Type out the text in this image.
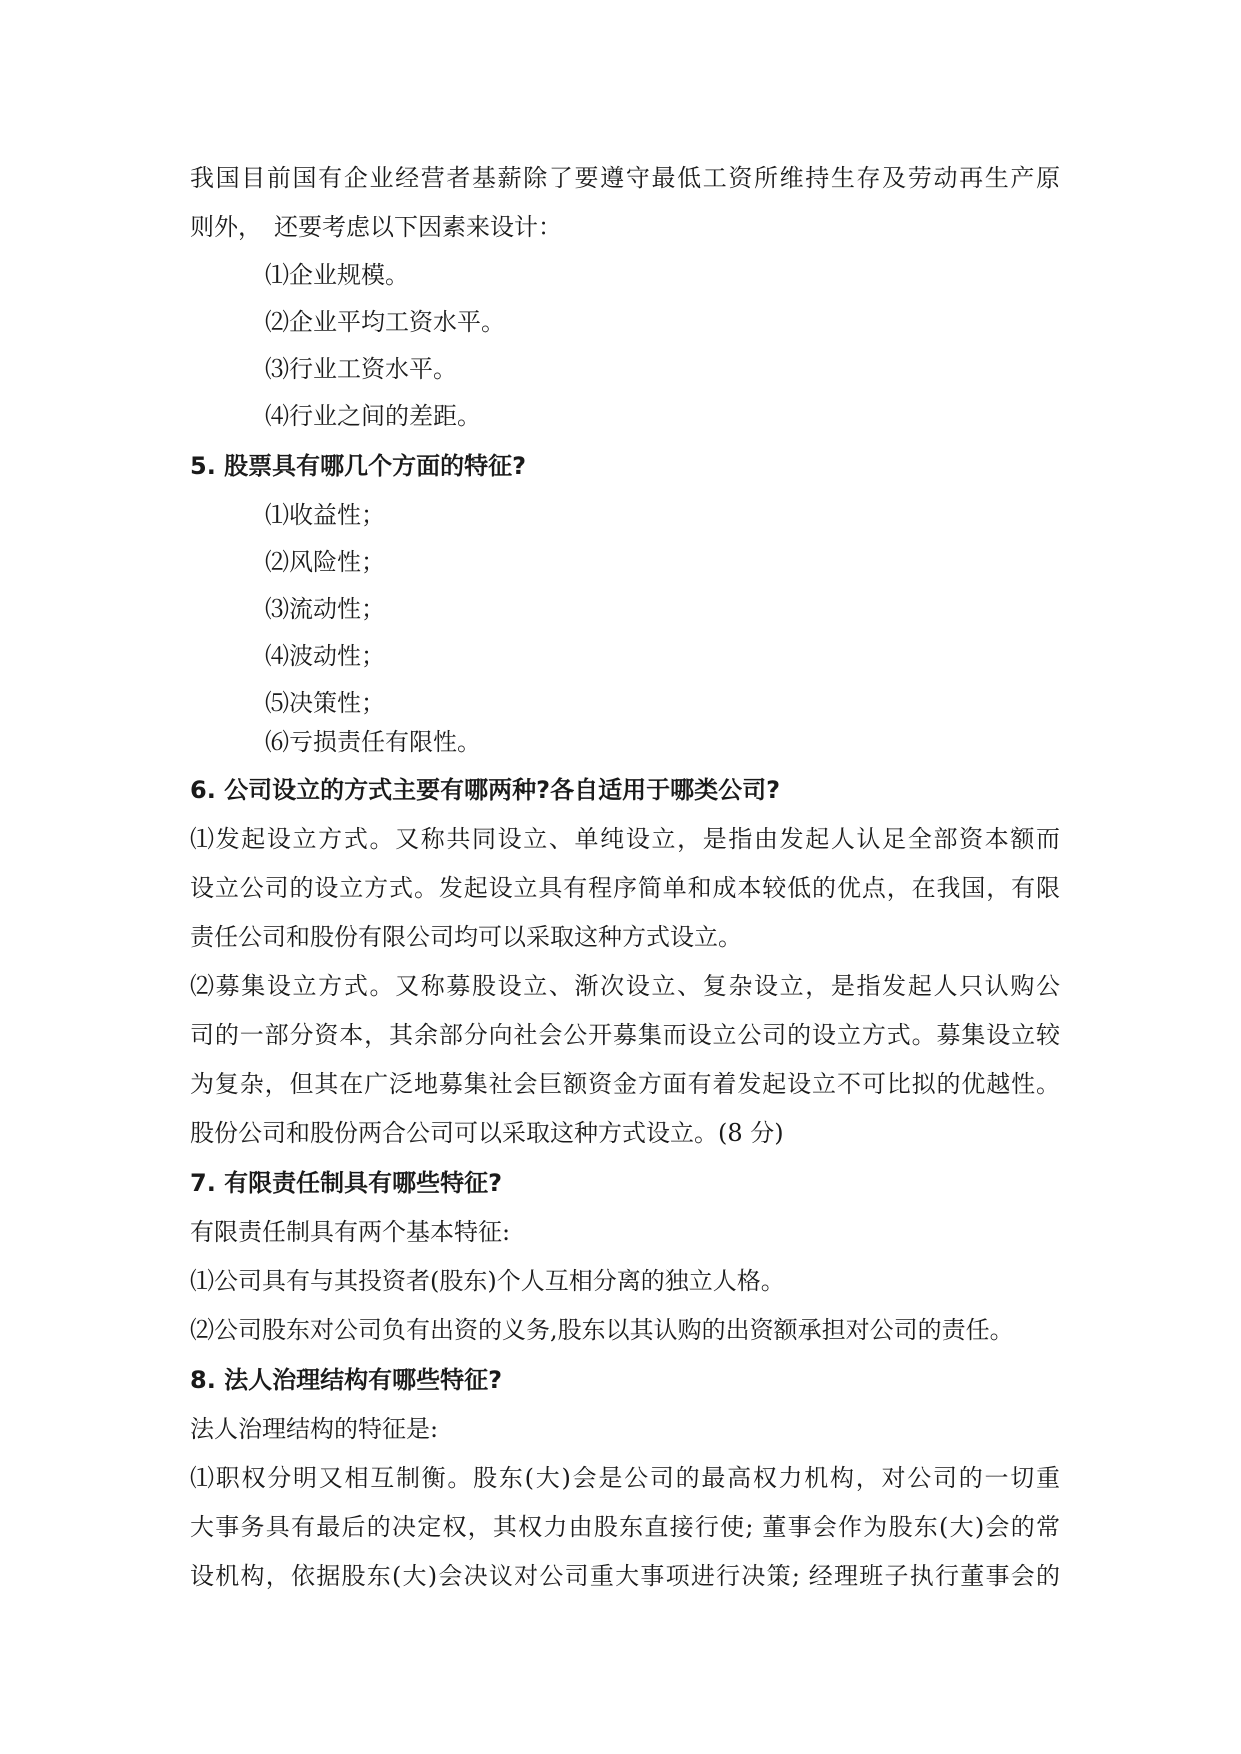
我国目前国有企业经营者基薪除了要遵守最低工资所维持生存及劳动再生产原
则外，　还要考虑以下因素来设计：
⑴企业规模。
⑵企业平均工资水平。
⑶行业工资水平。
⑷行业之间的差距。
5. 股票具有哪几个方面的特征?
⑴收益性；
⑵风险性；
⑶流动性；
⑷波动性；
⑸决策性；
⑹亏损责任有限性。
6. 公司设立的方式主要有哪两种?各自适用于哪类公司?
⑴发起设立方式。又称共同设立、单纯设立，是指由发起人认足全部资本额而
设立公司的设立方式。发起设立具有程序简单和成本较低的优点，在我国，有限
责任公司和股份有限公司均可以采取这种方式设立。
⑵募集设立方式。又称募股设立、渐次设立、复杂设立，是指发起人只认购公
司的一部分资本，其余部分向社会公开募集而设立公司的设立方式。募集设立较
为复杂，但其在广泛地募集社会巨额资金方面有着发起设立不可比拟的优越性。
股份公司和股份两合公司可以采取这种方式设立。(8 分)
7. 有限责任制具有哪些特征?
有限责任制具有两个基本特征:
⑴公司具有与其投资者(股东)个人互相分离的独立人格。
⑵公司股东对公司负有出资的义务,股东以其认购的出资额承担对公司的责任。
8. 法人治理结构有哪些特征?
法人治理结构的特征是:
⑴职权分明又相互制衡。股东(大)会是公司的最高权力机构，对公司的一切重
大事务具有最后的决定权，其权力由股东直接行使; 董事会作为股东(大)会的常
设机构，依据股东(大)会决议对公司重大事项进行决策; 经理班子执行董事会的
